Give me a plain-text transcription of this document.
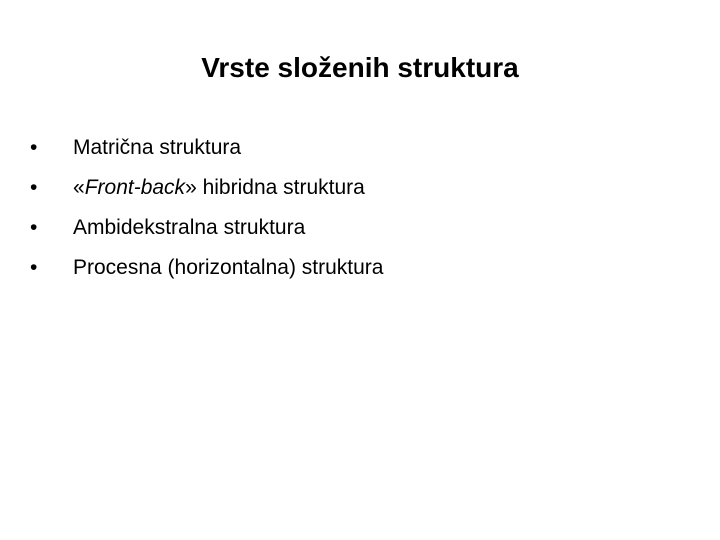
Vrste složenih struktura
•	Matrična struktura
•	«Front-back» hibridna struktura
•	Ambidekstralna struktura
•	Procesna (horizontalna) struktura
